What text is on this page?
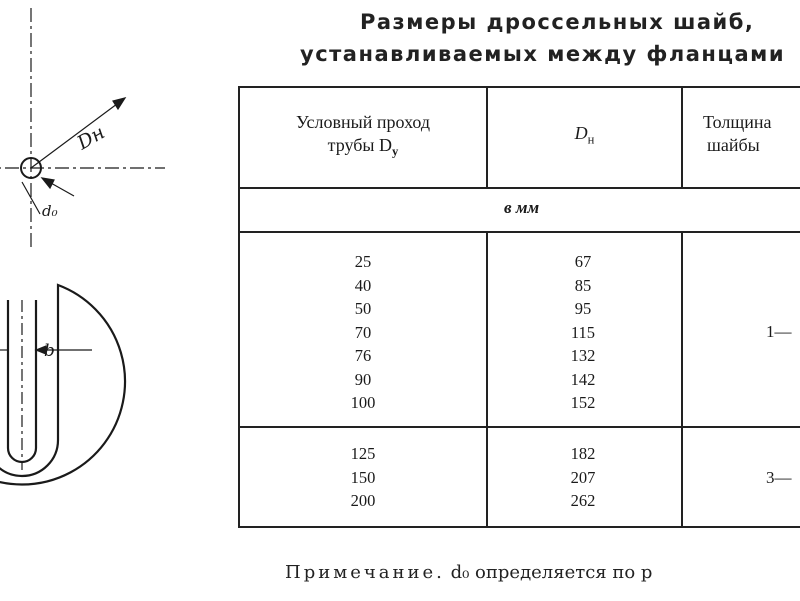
Dн
d₀
b
Размеры дроссельных шайб,
устанавливаемых между фланцами
Условный проход
трубы $D_у$
$D_н$
Толщина
шайбы
в мм
25
40
50
70
76
90
100
67
85
95
115
132
142
152
1—
125
150
200
182
207
262
3—
Примечание. d₀ определяется по р
